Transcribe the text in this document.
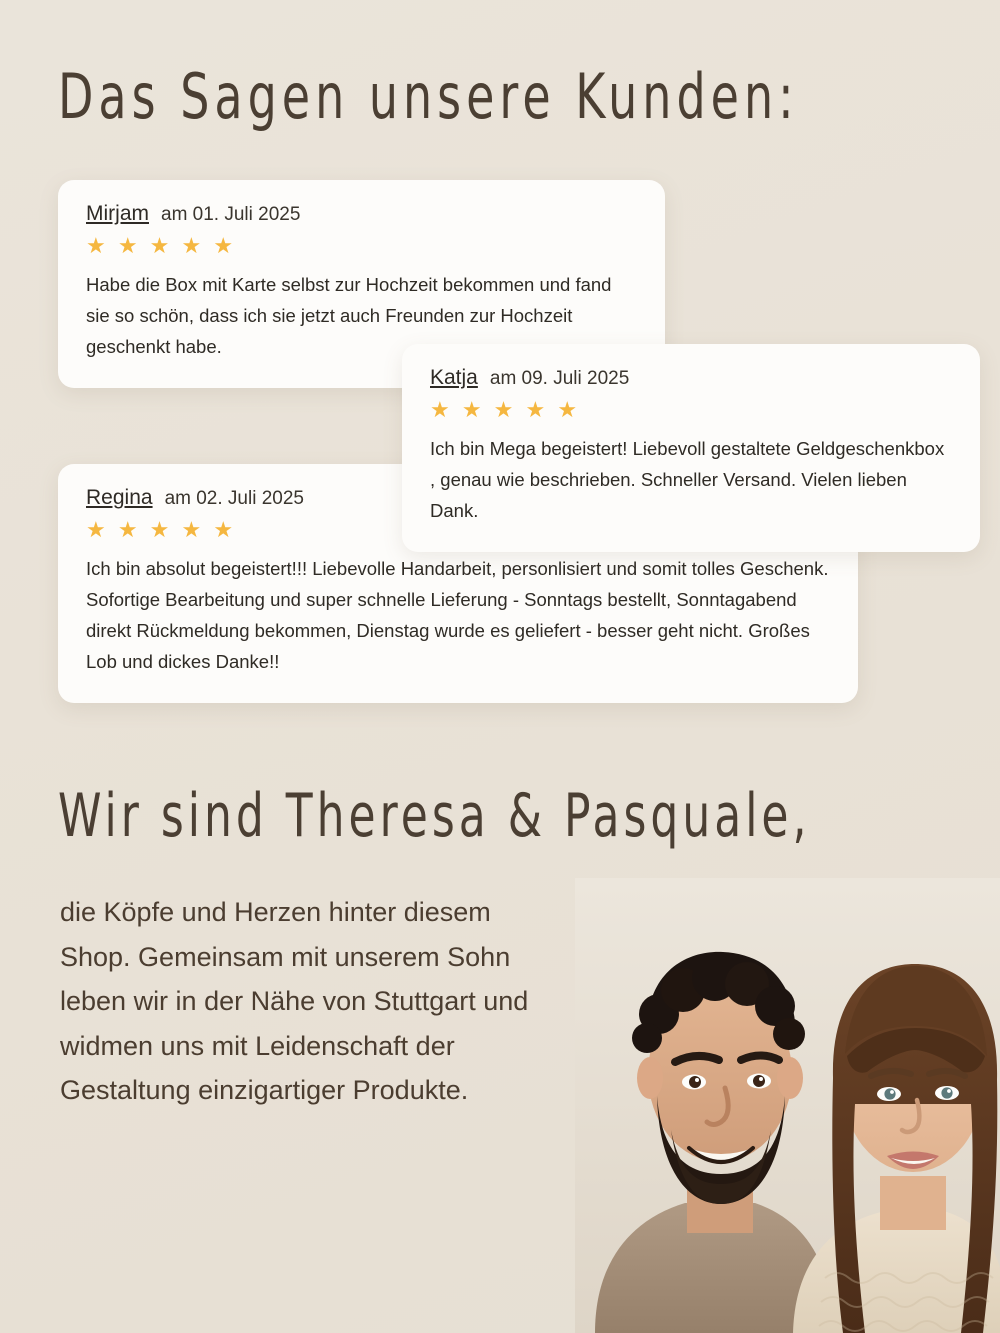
Das Sagen unsere Kunden:
Mirjam am 01. Juli 2025
★ ★ ★ ★ ★
Habe die Box mit Karte selbst zur Hochzeit bekommen und fand sie so schön, dass ich sie jetzt auch Freunden zur Hochzeit geschenkt habe.
Katja am 09. Juli 2025
★ ★ ★ ★ ★
Ich bin Mega begeistert! Liebevoll gestaltete Geldgeschenkbox , genau wie beschrieben. Schneller Versand. Vielen lieben Dank.
Regina am 02. Juli 2025
★ ★ ★ ★ ★
Ich bin absolut begeistert!!! Liebevolle Handarbeit, personlisiert und somit tolles Geschenk. Sofortige Bearbeitung und super schnelle Lieferung - Sonntags bestellt, Sonntagabend direkt Rückmeldung bekommen, Dienstag wurde es geliefert - besser geht nicht. Großes Lob und dickes Danke!!
Wir sind Theresa & Pasquale,
die Köpfe und Herzen hinter diesem Shop. Gemeinsam mit unserem Sohn leben wir in der Nähe von Stuttgart und widmen uns mit Leidenschaft der Gestaltung einzigartiger Produkte.
